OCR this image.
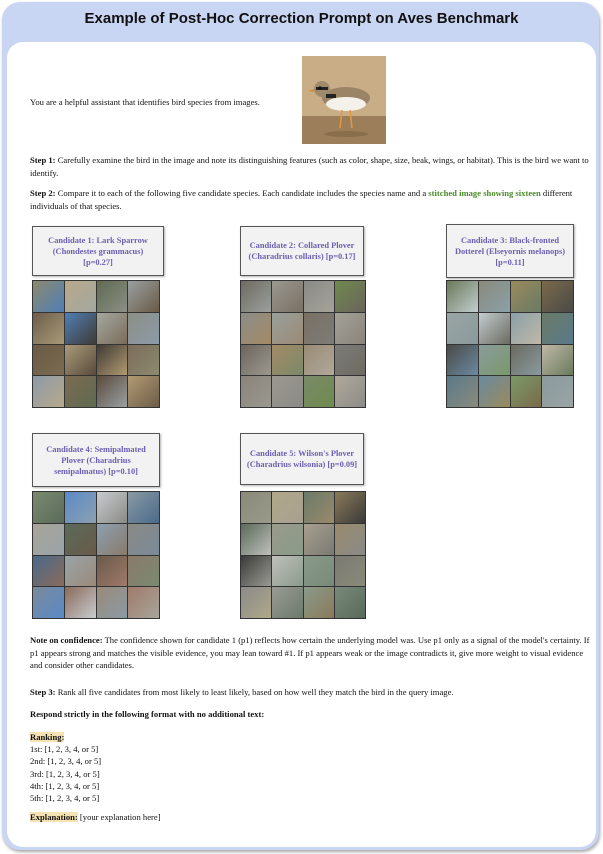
Example of Post-Hoc Correction Prompt on Aves Benchmark
You are a helpful assistant that identifies bird species from images.
Step 1: Carefully examine the bird in the image and note its distinguishing features (such as color, shape, size, beak, wings, or habitat). This is the bird we want to identify.
Step 2: Compare it to each of the following five candidate species. Each candidate includes the species name and a stitched image showing sixteen different individuals of that species.
Candidate 1: Lark Sparrow (Chondestes grammacus) [p=0.27]
Candidate 2: Collared Plover (Charadrius collaris) [p=0.17]
Candidate 3: Black-fronted Dotterel (Elseyornis melanops) [p=0.11]
Candidate 4: Semipalmated Plover (Charadrius semipalmatus) [p=0.10]
Candidate 5: Wilson's Plover (Charadrius wilsonia) [p=0.09]
Note on confidence: The confidence shown for candidate 1 (p1) reflects how certain the underlying model was. Use p1 only as a signal of the model's certainty. If p1 appears strong and matches the visible evidence, you may lean toward #1. If p1 appears weak or the image contradicts it, give more weight to visual evidence and consider other candidates.
Step 3: Rank all five candidates from most likely to least likely, based on how well they match the bird in the query image.
Respond strictly in the following format with no additional text:
Ranking:
1st: [1, 2, 3, 4, or 5]
2nd: [1, 2, 3, 4, or 5]
3rd: [1, 2, 3, 4, or 5]
4th: [1, 2, 3, 4, or 5]
5th: [1, 2, 3, 4, or 5]
Explanation: [your explanation here]
